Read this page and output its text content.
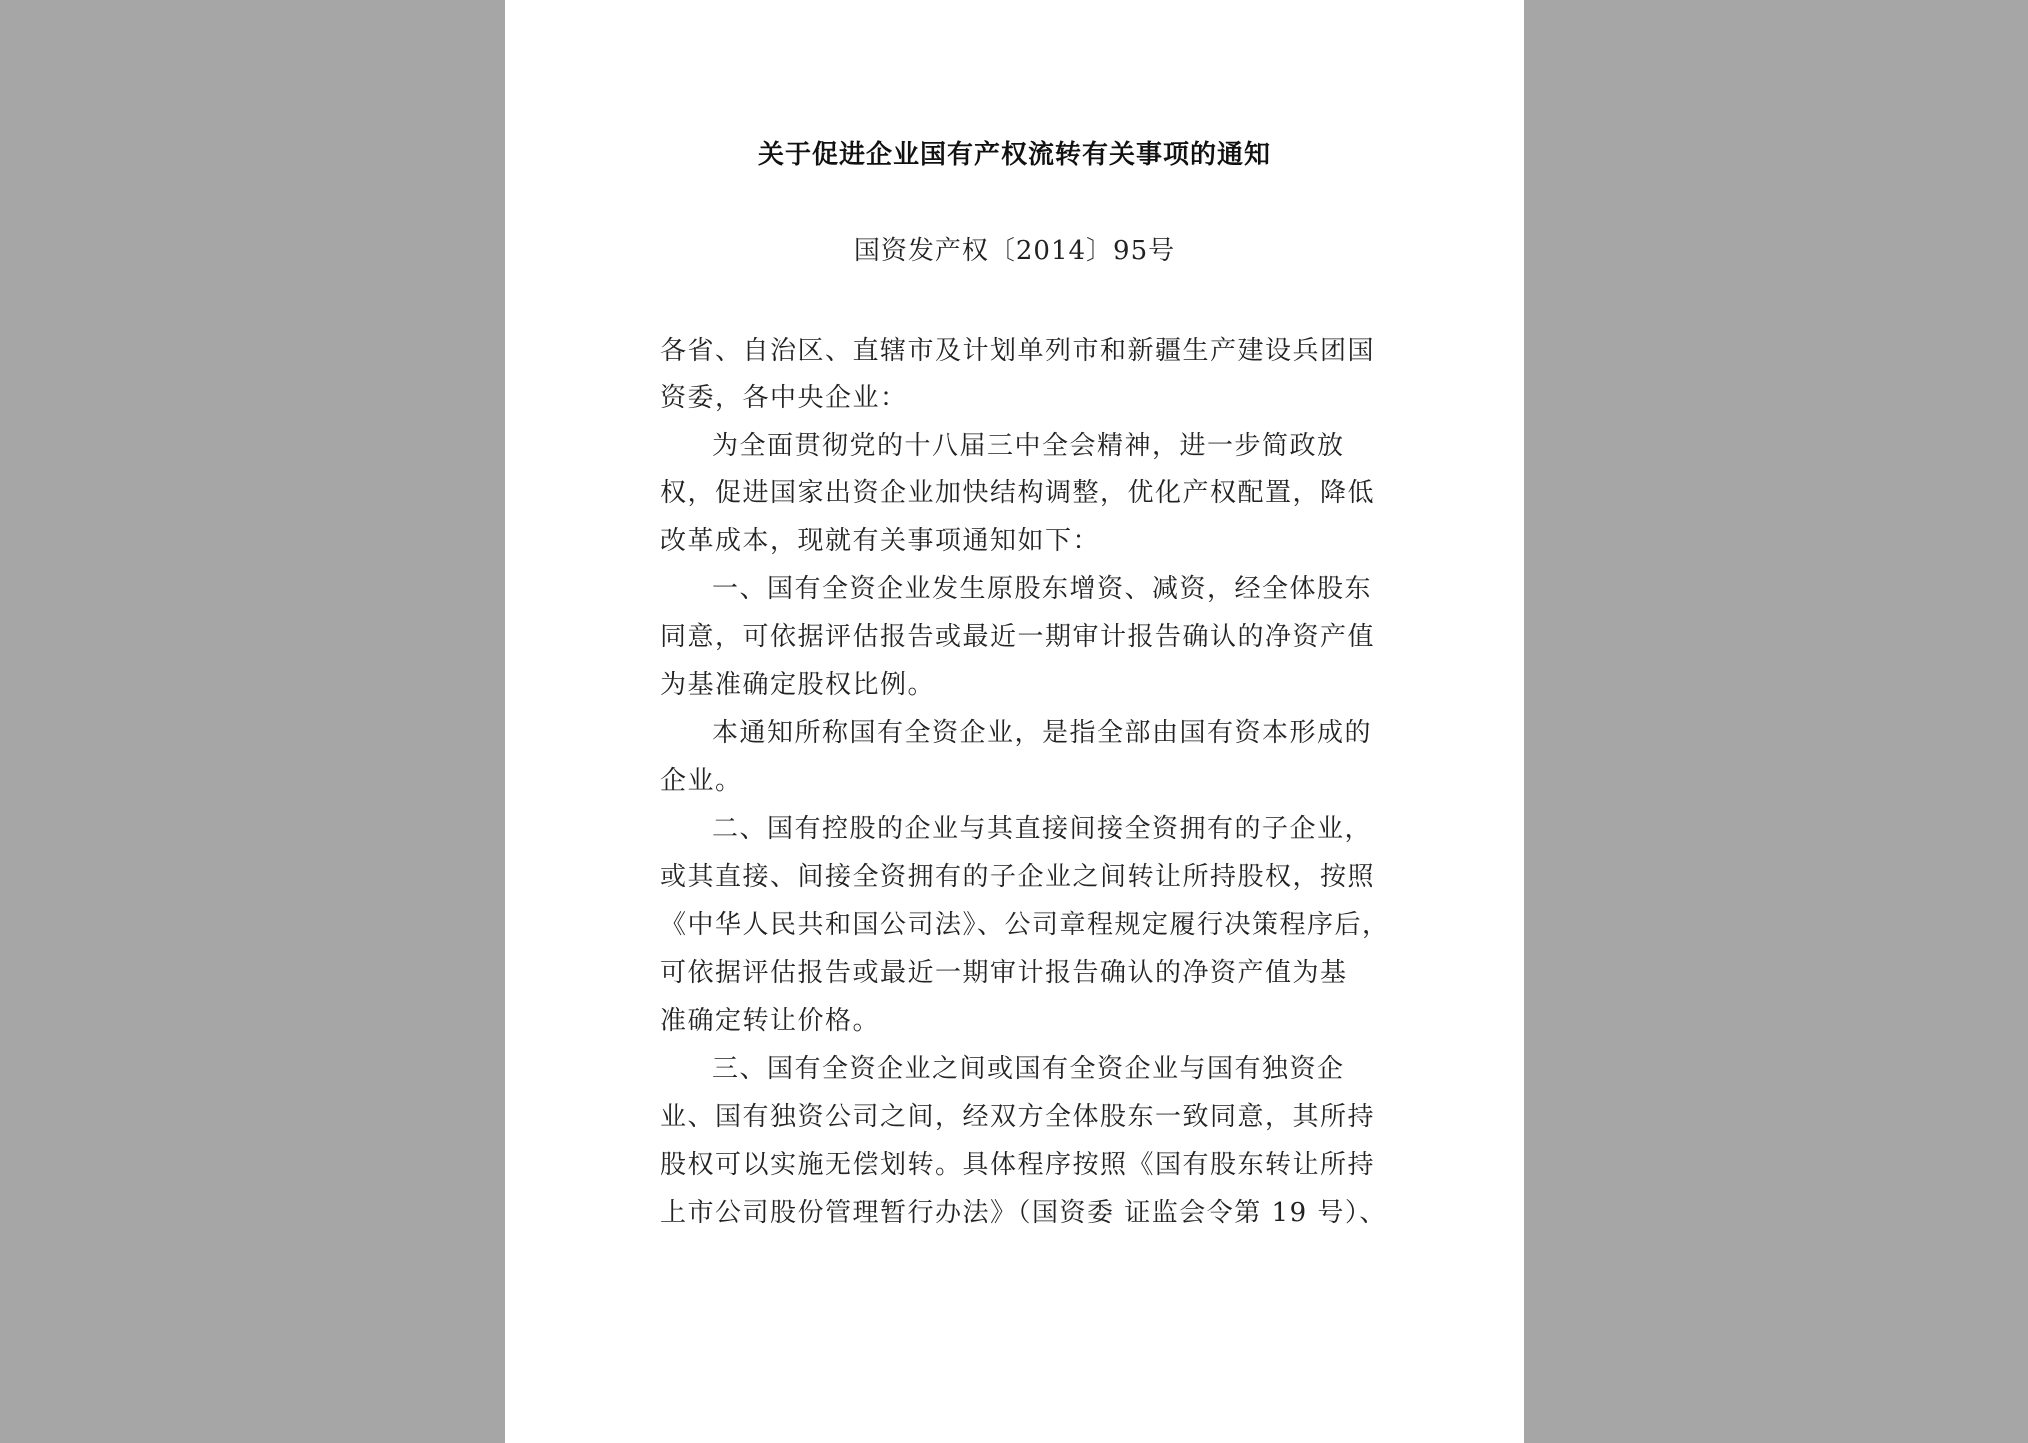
关于促进企业国有产权流转有关事项的通知
国资发产权〔2014〕95号
各省、自治区、直辖市及计划单列市和新疆生产建设兵团国
资委，各中央企业：
为全面贯彻党的十八届三中全会精神，进一步简政放
权，促进国家出资企业加快结构调整，优化产权配置，降低
改革成本，现就有关事项通知如下：
一、国有全资企业发生原股东增资、减资，经全体股东
同意，可依据评估报告或最近一期审计报告确认的净资产值
为基准确定股权比例。
本通知所称国有全资企业，是指全部由国有资本形成的
企业。
二、国有控股的企业与其直接间接全资拥有的子企业，
或其直接、间接全资拥有的子企业之间转让所持股权，按照
《中华人民共和国公司法》、公司章程规定履行决策程序后，
可依据评估报告或最近一期审计报告确认的净资产值为基
准确定转让价格。
三、国有全资企业之间或国有全资企业与国有独资企
业、国有独资公司之间，经双方全体股东一致同意，其所持
股权可以实施无偿划转。具体程序按照《国有股东转让所持
上市公司股份管理暂行办法》（国资委 证监会令第 19 号）、
